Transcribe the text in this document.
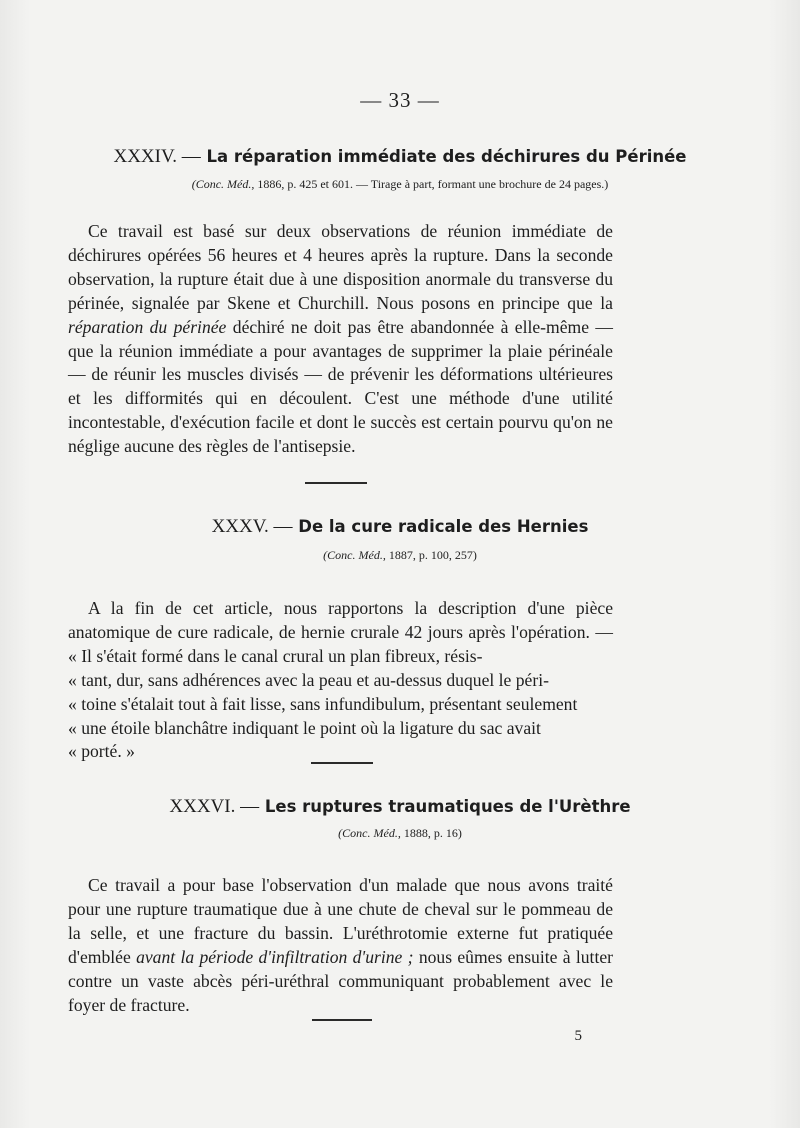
— 33 —
XXXIV. — La réparation immédiate des déchirures du Périnée
(Conc. Méd., 1886, p. 425 et 601. — Tirage à part, formant une brochure de 24 pages.)

Ce travail est basé sur deux observations de réunion immédiate de déchirures opérées 56 heures et 4 heures après la rupture. Dans la seconde observation, la rupture était due à une disposition anormale du transverse du périnée, signalée par Skene et Churchill. Nous posons en principe que la réparation du périnée déchiré ne doit pas être abandonnée à elle-même — que la réunion immédiate a pour avantages de supprimer la plaie périnéale — de réunir les muscles divisés — de prévenir les déformations ultérieures et les difformités qui en découlent. C'est une méthode d'une utilité incontestable, d'exécution facile et dont le succès est certain pourvu qu'on ne néglige aucune des règles de l'antisepsie.

XXXV. — De la cure radicale des Hernies
(Conc. Méd., 1887, p. 100, 257)

A la fin de cet article, nous rapportons la description d'une pièce anatomique de cure radicale, de hernie crurale 42 jours après l'opération. — « Il s'était formé dans le canal crural un plan fibreux, résis-

« tant, dur, sans adhérences avec la peau et au-dessus duquel le péri-

« toine s'étalait tout à fait lisse, sans infundibulum, présentant seulement

« une étoile blanchâtre indiquant le point où la ligature du sac avait

« porté. »

XXXVI. — Les ruptures traumatiques de l'Urèthre
(Conc. Méd., 1888, p. 16)

Ce travail a pour base l'observation d'un malade que nous avons traité pour une rupture traumatique due à une chute de cheval sur le pommeau de la selle, et une fracture du bassin. L'uréthrotomie externe fut pratiquée d'emblée avant la période d'infiltration d'urine ; nous eûmes ensuite à lutter contre un vaste abcès péri-uréthral communiquant probablement avec le foyer de fracture.

5
